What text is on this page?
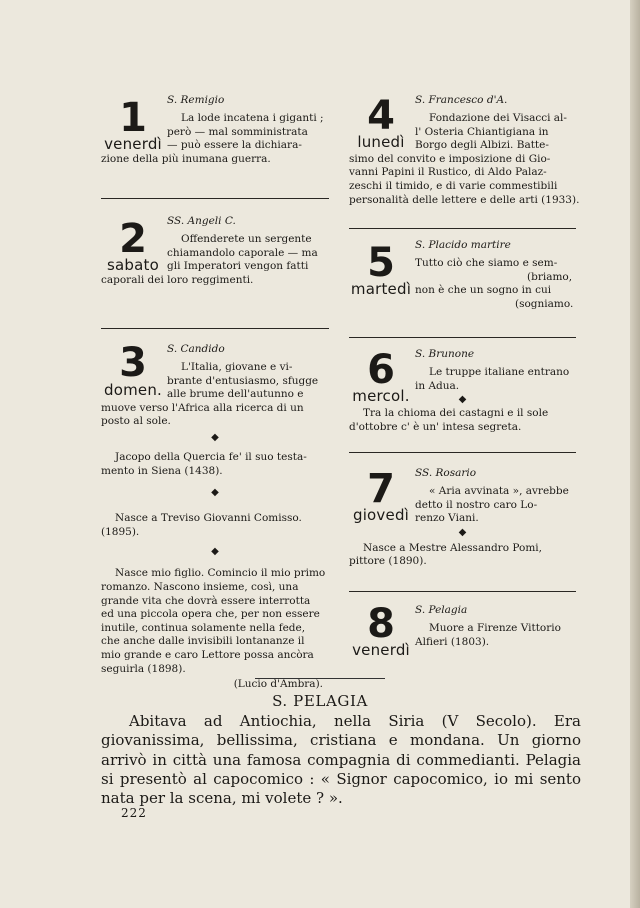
1
venerdì

S. Remigio

La lode incatena i giganti ;
però — mal somministrata
— può essere la dichiara-

zione della più inumana guerra.

2
sabato

SS. Angeli C.

Offenderete un sergente
chiamandolo caporale — ma
gli Imperatori vengon fatti

caporali dei loro reggimenti.

3
domen.

S. Candido

L'Italia, giovane e vi-
brante d'entusiasmo, sfugge
alle brume dell'autunno e

muove verso l'Africa alla ricerca di un
posto al sole.

◆

Jacopo della Quercia fe' il suo testa-
mento in Siena (1438).

◆

Nasce a Treviso Giovanni Comisso.
(1895).

◆

Nasce mio figlio. Comincio il mio primo
romanzo. Nascono insieme, così, una
grande vita che dovrà essere interrotta
ed una piccola opera che, per non essere
inutile, continua solamente nella fede,
che anche dalle invisibili lontananze il
mio grande e caro Lettore possa ancòra
seguirla (1898).

(Lucio d'Ambra).
4
lunedì

S. Francesco d'A.

Fondazione dei Visacci al-
l' Osteria Chiantigiana in
Borgo degli Albizi. Batte-

simo del convito e imposizione di Gio-
vanni Papini il Rustico, di Aldo Palaz-
zeschi il timido, e di varie commestibili
personalità delle lettere e delle arti (1933).

5
martedì

S. Placido martire

Tutto ciò che siamo e sem-
(briamo,
non è che un sogno in cui
(sogniamo.

6
mercol.

S. Brunone

Le truppe italiane entrano
in Adua.

◆

Tra la chioma dei castagni e il sole
d'ottobre c' è un' intesa segreta.

7
giovedì

SS. Rosario

« Aria avvinata », avrebbe
detto il nostro caro Lo-
renzo Viani.

◆

Nasce a Mestre Alessandro Pomi,
pittore (1890).

8
venerdì

S. Pelagia

Muore a Firenze Vittorio
Alfieri (1803).

S. PELAGIA

Abitava ad Antiochia, nella Siria (V Secolo). Era giovanissima, bellissima, cristiana e mondana. Un giorno arrivò in città una famosa compagnia di commedianti. Pelagia si presentò al capocomico : « Signor capocomico, io mi sento nata per la scena, mi volete ? ».

222
